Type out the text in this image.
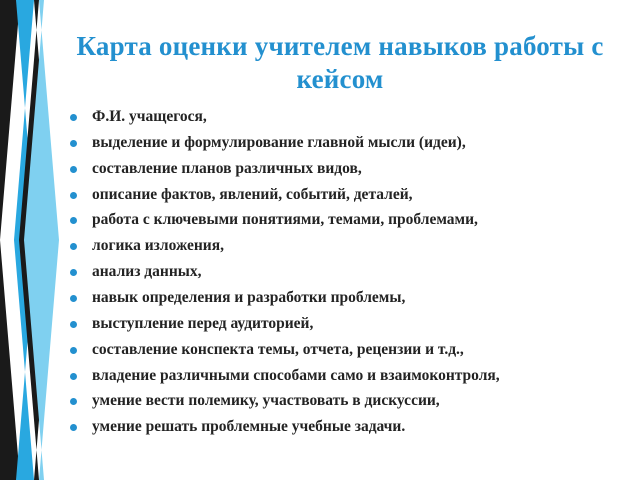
Карта оценки учителем навыков работы с кейсом
Ф.И. учащегося,
выделение и формулирование главной мысли (идеи),
составление планов различных видов,
описание фактов, явлений, событий, деталей,
работа с ключевыми понятиями, темами, проблемами,
логика изложения,
анализ данных,
навык определения и разработки проблемы,
выступление перед аудиторией,
составление конспекта темы, отчета, рецензии и т.д.,
владение различными способами само и взаимоконтроля,
умение вести полемику, участвовать в дискуссии,
умение решать проблемные учебные задачи.
